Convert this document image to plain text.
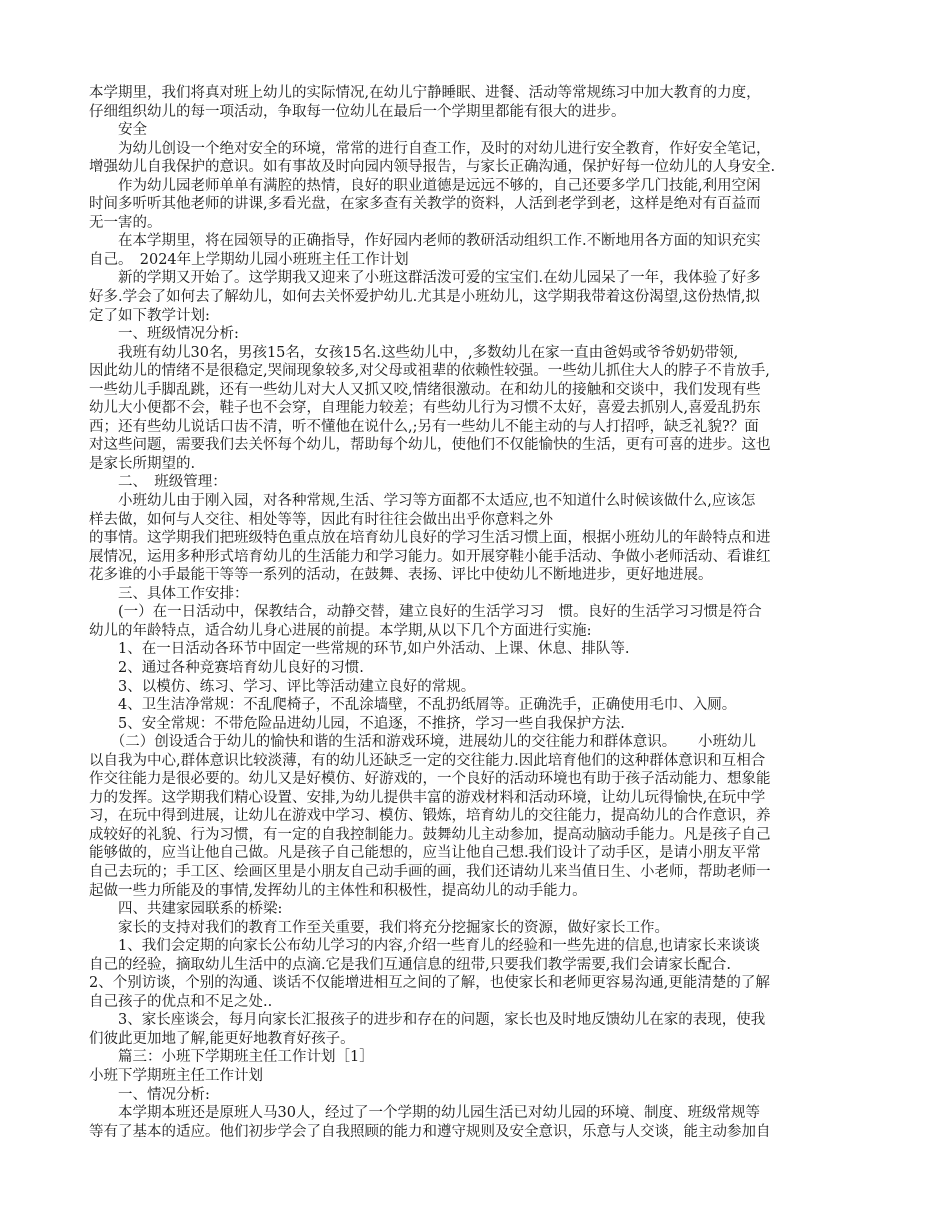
本学期里，我们将真对班上幼儿的实际情况,在幼儿宁静睡眠、进餐、活动等常规练习中加大教育的力度，
仔细组织幼儿的每一项活动，争取每一位幼儿在最后一个学期里都能有很大的进步。
　　安全
　　为幼儿创设一个绝对安全的环境，常常的进行自查工作，及时的对幼儿进行安全教育，作好安全笔记，
增强幼儿自我保护的意识。如有事故及时向园内领导报告，与家长正确沟通，保护好每一位幼儿的人身安全.
　　作为幼儿园老师单单有满腔的热情，良好的职业道德是远远不够的，自己还要多学几门技能,利用空闲
时间多听听其他老师的讲课,多看光盘，在家多查有关教学的资料，人活到老学到老，这样是绝对有百益而
无一害的。
　　在本学期里，将在园领导的正确指导，作好园内老师的教研活动组织工作.不断地用各方面的知识充实
自己。　2024年上学期幼儿园小班班主任工作计划
　　新的学期又开始了。这学期我又迎来了小班这群活泼可爱的宝宝们.在幼儿园呆了一年，我体验了好多
好多.学会了如何去了解幼儿，如何去关怀爱护幼儿.尤其是小班幼儿，这学期我带着这份渴望,这份热情,拟
定了如下教学计划:
　　一、班级情况分析:
　　我班有幼儿30名，男孩15名，女孩15名.这些幼儿中，,多数幼儿在家一直由爸妈或爷爷奶奶带领,
因此幼儿的情绪不是很稳定,哭闹现象较多,对父母或祖辈的依赖性较强。一些幼儿抓住大人的脖子不肯放手,
一些幼儿手脚乱跳，还有一些幼儿对大人又抓又咬,情绪很激动。在和幼儿的接触和交谈中，我们发现有些
幼儿大小便都不会，鞋子也不会穿，自理能力较差；有些幼儿行为习惯不太好，喜爱去抓别人,喜爱乱扔东
西；还有些幼儿说话口齿不清，听不懂他在说什么,;另有一些幼儿不能主动的与人打招呼，缺乏礼貌?？面
对这些问题，需要我们去关怀每个幼儿，帮助每个幼儿，使他们不仅能愉快的生活，更有可喜的进步。这也
是家长所期望的.
　　二、　班级管理：
　　小班幼儿由于刚入园，对各种常规,生活、学习等方面都不太适应,也不知道什么时候该做什么,应该怎
样去做，如何与人交往、相处等等，因此有时往往会做出出乎你意料之外
的事情。这学期我们把班级特色重点放在培育幼儿良好的学习生活习惯上面，根据小班幼儿的年龄特点和进
展情况，运用多种形式培育幼儿的生活能力和学习能力。如开展穿鞋小能手活动、争做小老师活动、看谁红
花多谁的小手最能干等等一系列的活动，在鼓舞、表扬、评比中使幼儿不断地进步，更好地进展。
　　三、具体工作安排：
　　(一）在一日活动中，保教结合，动静交替，建立良好的生活学习习　惯。良好的生活学习习惯是符合
幼儿的年龄特点，适合幼儿身心进展的前提。本学期,从以下几个方面进行实施:
　　1、在一日活动各环节中固定一些常规的环节,如户外活动、上课、休息、排队等.
　　2、通过各种竞赛培育幼儿良好的习惯.
　　3、以模仿、练习、学习、评比等活动建立良好的常规。
　　4、卫生洁净常规：不乱爬椅子，不乱涂墙壁，不乱扔纸屑等。正确洗手，正确使用毛巾、入厕。
　　5、安全常规：不带危险品进幼儿园，不追逐，不推挤，学习一些自我保护方法.
　　（二）创设适合于幼儿的愉快和谐的生活和游戏环境，进展幼儿的交往能力和群体意识。　　小班幼儿
以自我为中心,群体意识比较淡薄，有的幼儿还缺乏一定的交往能力.因此培育他们的这种群体意识和互相合
作交往能力是很必要的。幼儿又是好模仿、好游戏的，一个良好的活动环境也有助于孩子活动能力、想象能
力的发挥。这学期我们精心设置、安排,为幼儿提供丰富的游戏材料和活动环境，让幼儿玩得愉快,在玩中学
习，在玩中得到进展，让幼儿在游戏中学习、模仿、锻炼，培育幼儿的交往能力，提高幼儿的合作意识，养
成较好的礼貌、行为习惯，有一定的自我控制能力。鼓舞幼儿主动参加，提高动脑动手能力。凡是孩子自己
能够做的，应当让他自己做。凡是孩子自己能想的，应当让他自己想.我们设计了动手区，是请小朋友平常
自己去玩的；手工区、绘画区里是小朋友自己动手画的画，我们还请幼儿来当值日生、小老师，帮助老师一
起做一些力所能及的事情,发挥幼儿的主体性和积极性，提高幼儿的动手能力。
　　四、共建家园联系的桥梁:
　　家长的支持对我们的教育工作至关重要，我们将充分挖掘家长的资源，做好家长工作。
　　1、我们会定期的向家长公布幼儿学习的内容,介绍一些育儿的经验和一些先进的信息,也请家长来谈谈
自己的经验，摘取幼儿生活中的点滴.它是我们互通信息的纽带,只要我们教学需要,我们会请家长配合.
2、个别访谈，个别的沟通、谈话不仅能增进相互之间的了解，也使家长和老师更容易沟通,更能清楚的了解
自己孩子的优点和不足之处..
　　3、家长座谈会，每月向家长汇报孩子的进步和存在的问题，家长也及时地反馈幼儿在家的表现，使我
们彼此更加地了解,能更好地教育好孩子。
　　篇三：小班下学期班主任工作计划［1］
小班下学期班主任工作计划
　　一、情况分析:
　　本学期本班还是原班人马30人，经过了一个学期的幼儿园生活已对幼儿园的环境、制度、班级常规等
等有了基本的适应。他们初步学会了自我照顾的能力和遵守规则及安全意识，乐意与人交谈，能主动参加自
